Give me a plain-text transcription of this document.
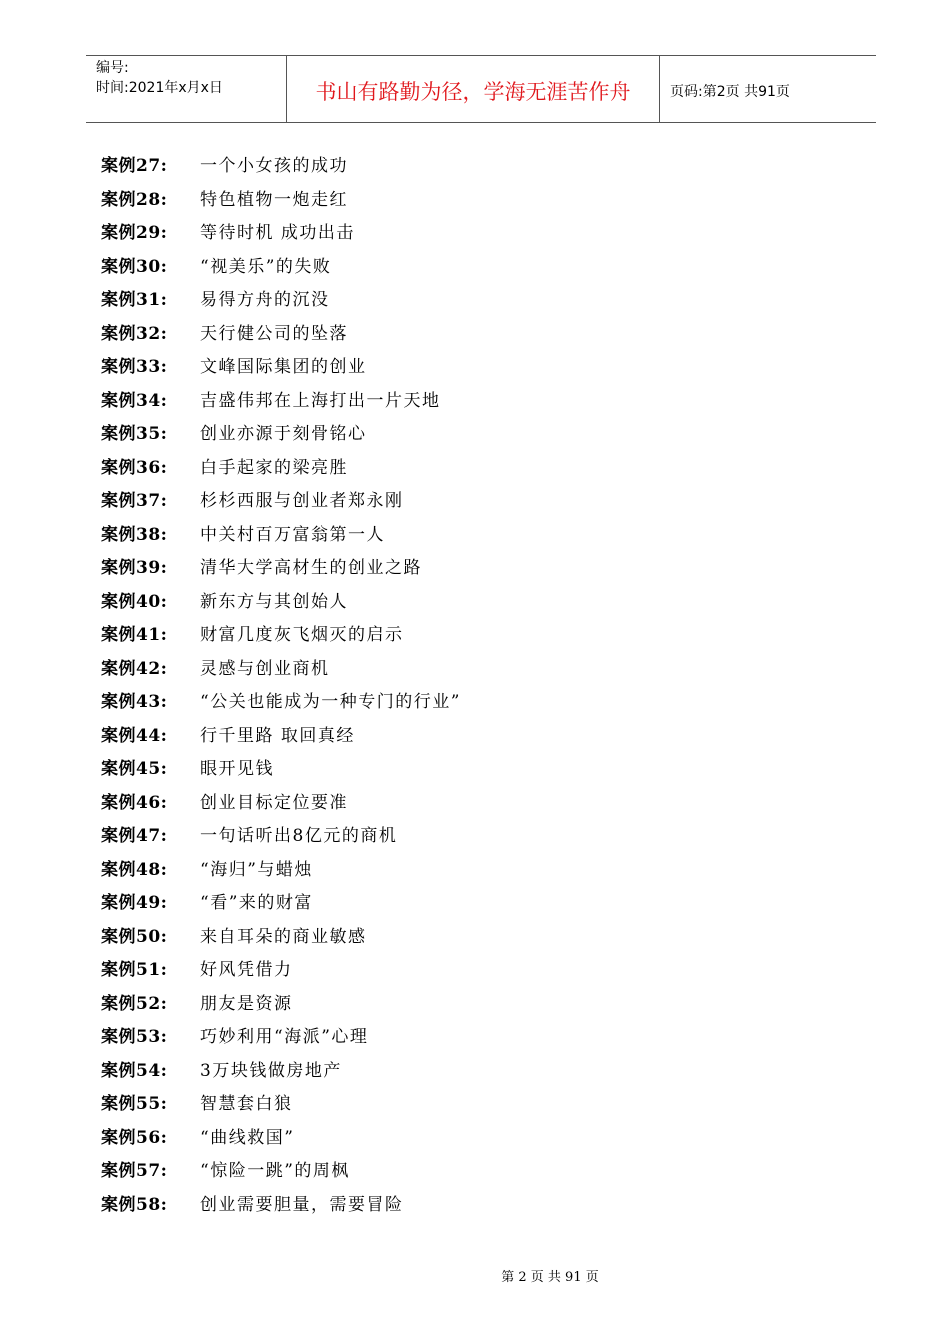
编号:
时间:2021年x月x日	书山有路勤为径，学海无涯苦作舟	页码:第2页 共91页
案例27:	一个小女孩的成功
案例28:	特色植物一炮走红
案例29:	等待时机 成功出击
案例30:	“视美乐”的失败
案例31:	易得方舟的沉没
案例32:	天行健公司的坠落
案例33:	文峰国际集团的创业
案例34:	吉盛伟邦在上海打出一片天地
案例35:	创业亦源于刻骨铭心
案例36:	白手起家的梁亮胜
案例37:	杉杉西服与创业者郑永刚
案例38:	中关村百万富翁第一人
案例39:	清华大学高材生的创业之路
案例40:	新东方与其创始人
案例41:	财富几度灰飞烟灭的启示
案例42:	灵感与创业商机
案例43:	“公关也能成为一种专门的行业”
案例44:	行千里路 取回真经
案例45:	眼开见钱
案例46:	创业目标定位要准
案例47:	一句话听出8亿元的商机
案例48:	“海归”与蜡烛
案例49:	“看”来的财富
案例50:	来自耳朵的商业敏感
案例51:	好风凭借力
案例52:	朋友是资源
案例53:	巧妙利用“海派”心理
案例54:	3万块钱做房地产
案例55:	智慧套白狼
案例56:	“曲线救国”
案例57:	“惊险一跳”的周枫
案例58:	创业需要胆量，需要冒险
第 2 页 共 91 页
